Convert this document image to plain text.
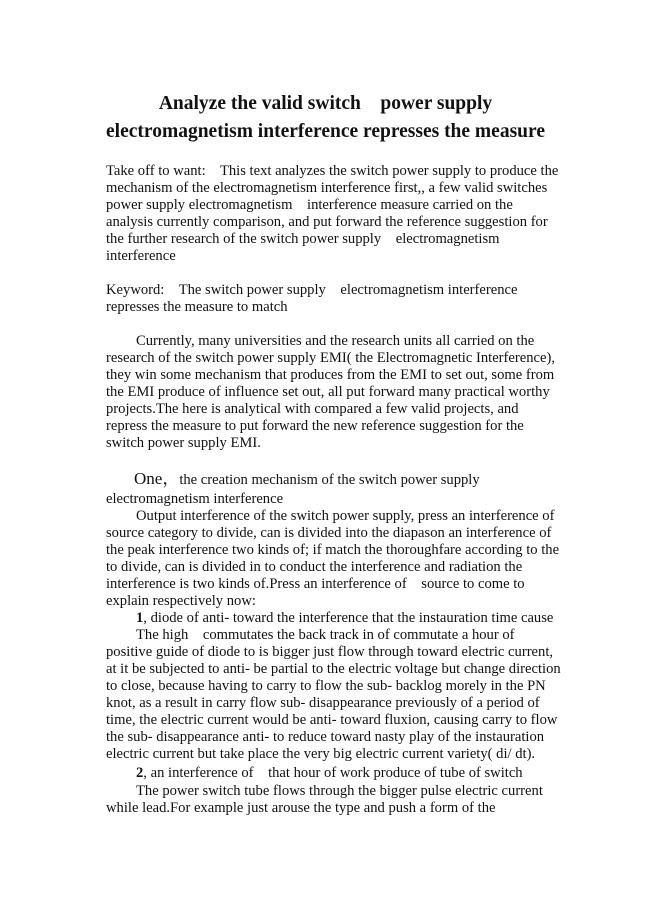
Analyze the valid switch    power supply
electromagnetism interference represses the measure
Take off to want:    This text analyzes the switch power supply to produce the
mechanism of the electromagnetism interference first,, a few valid switches
power supply electromagnetism    interference measure carried on the
analysis currently comparison, and put forward the reference suggestion for
the further research of the switch power supply    electromagnetism
interference
Keyword:    The switch power supply    electromagnetism interference
represses the measure to match
Currently, many universities and the research units all carried on the
research of the switch power supply EMI( the Electromagnetic Interference),
they win some mechanism that produces from the EMI to set out, some from
the EMI produce of influence set out, all put forward many practical worthy
projects.The here is analytical with compared a few valid projects, and
repress the measure to put forward the new reference suggestion for the
switch power supply EMI.
One，the creation mechanism of the switch power supply
electromagnetism interference
Output interference of the switch power supply, press an interference of
source category to divide, can is divided into the diapason an interference of
the peak interference two kinds of; if match the thoroughfare according to the
to divide, can is divided in to conduct the interference and radiation the
interference is two kinds of.Press an interference of    source to come to
explain respectively now:
1, diode of anti- toward the interference that the instauration time cause
The high    commutates the back track in of commutate a hour of
positive guide of diode to is bigger just flow through toward electric current,
at it be subjected to anti- be partial to the electric voltage but change direction
to close, because having to carry to flow the sub- backlog morely in the PN
knot, as a result in carry flow sub- disappearance previously of a period of
time, the electric current would be anti- toward fluxion, causing carry to flow
the sub- disappearance anti- to reduce toward nasty play of the instauration
electric current but take place the very big electric current variety( di/ dt).
2, an interference of    that hour of work produce of tube of switch
The power switch tube flows through the bigger pulse electric current
while lead.For example just arouse the type and push a form of the
